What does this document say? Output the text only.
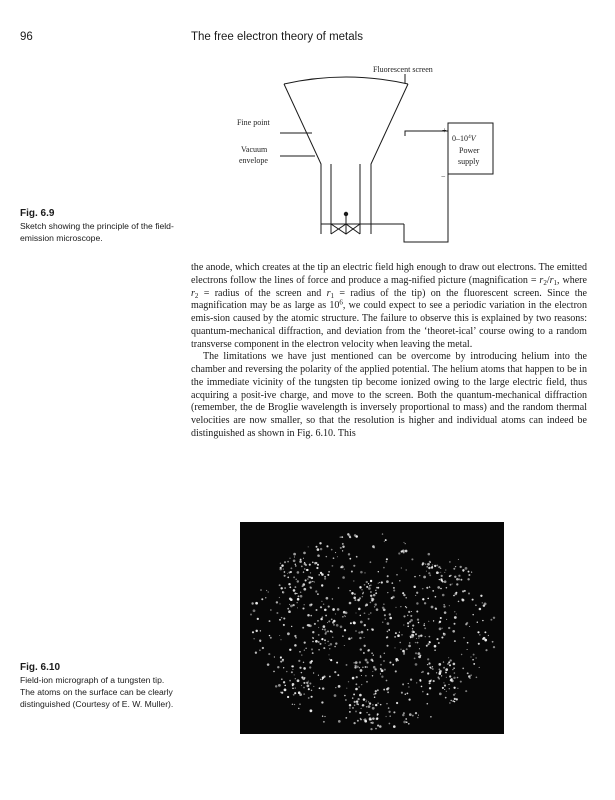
96	The free electron theory of metals
Fluorescent screen
Fine point
Vacuum
envelope
+
−
$0-10^4V$
Power
supply
Fig. 6.9
Sketch showing the principle of the field-emission microscope.

the anode, which creates at the tip an electric field high enough to draw out electrons. The emitted electrons follow the lines of force and produce a mag-nified picture (magnification = $r_2/r_1$, where $r_2$ = radius of the screen and $r_1$ = radius of the tip) on the fluorescent screen. Since the magnification may be as large as $10^6$, we could expect to see a periodic variation in the electron emis-sion caused by the atomic structure. The failure to observe this is explained by two reasons: quantum-mechanical diffraction, and deviation from the ‘theoret-ical’ course owing to a random transverse component in the electron velocity when leaving the metal.

The limitations we have just mentioned can be overcome by introducing helium into the chamber and reversing the polarity of the applied potential. The helium atoms that happen to be in the immediate vicinity of the tungsten tip become ionized owing to the large electric field, thus acquiring a posit-ive charge, and move to the screen. Both the quantum-mechanical diffraction (remember, the de Broglie wavelength is inversely proportional to mass) and the random thermal velocities are now smaller, so that the resolution is higher and individual atoms can indeed be distinguished as shown in Fig. 6.10. This

Fig. 6.10
Field-ion micrograph of a tungsten tip. The atoms on the surface can be clearly distinguished (Courtesy of E. W. Muller).
